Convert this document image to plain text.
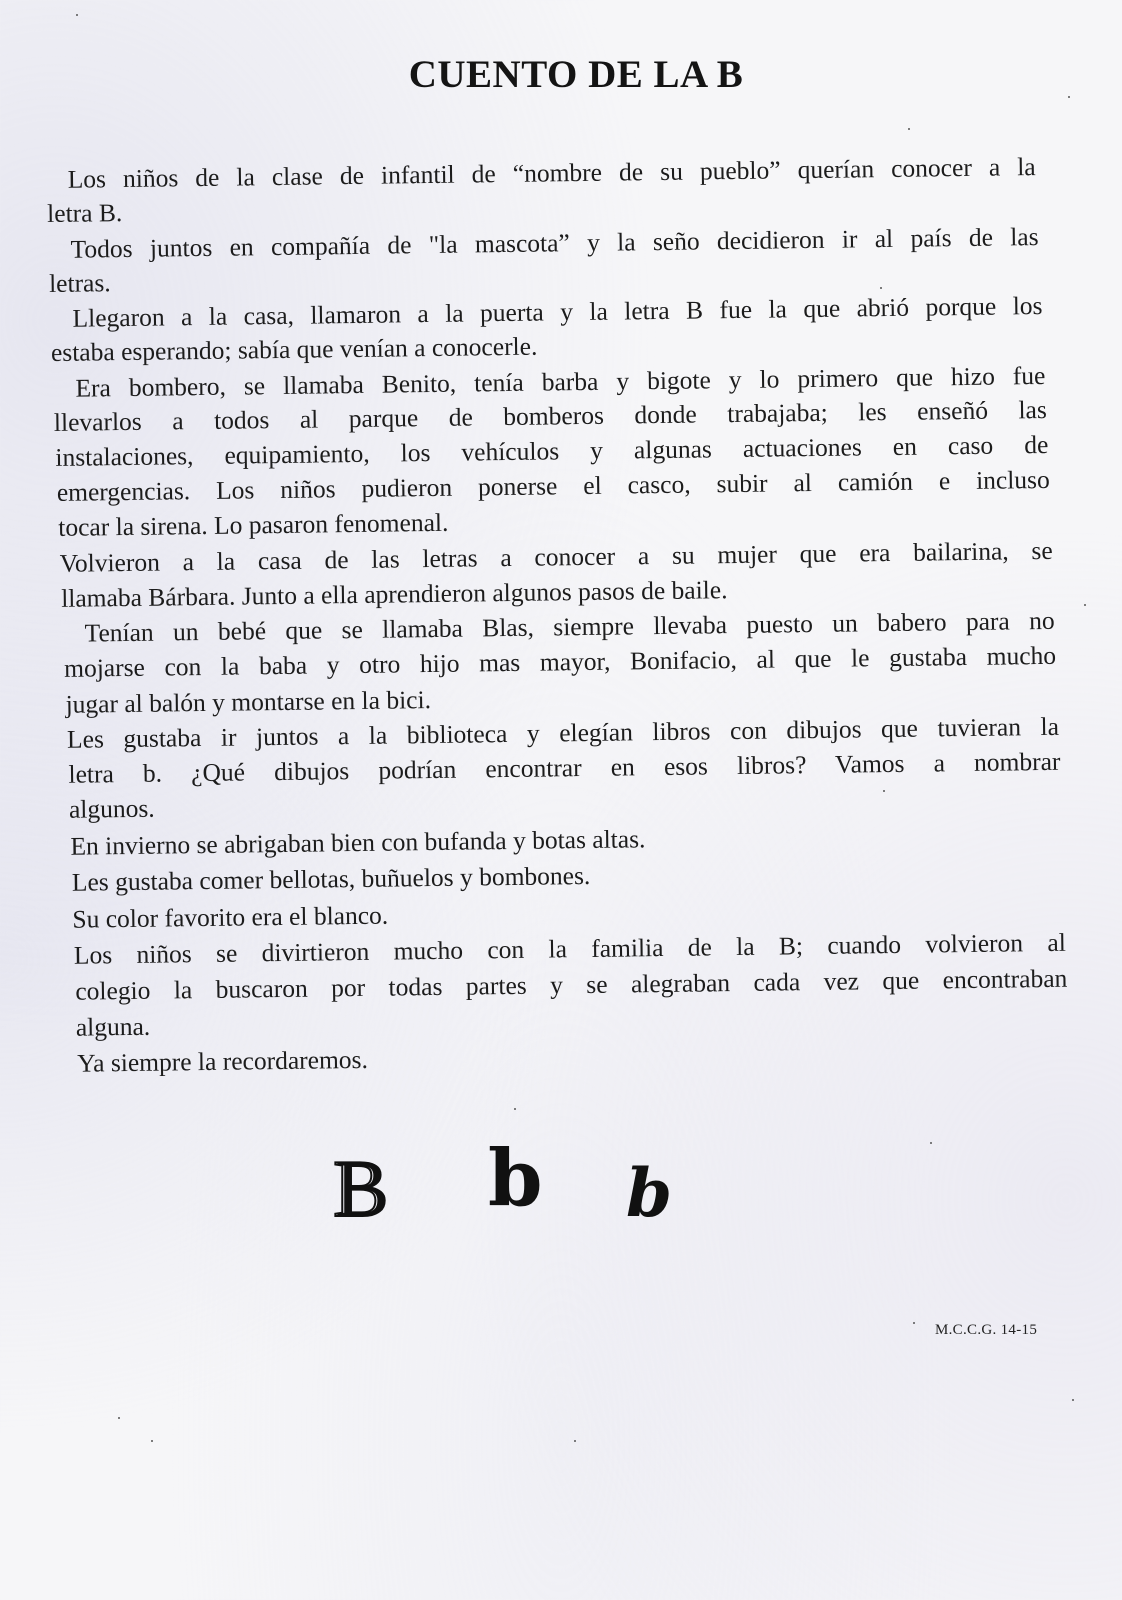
CUENTO DE LA B
Los niños de la clase de infantil de “nombre de su pueblo” querían conocer a la
letra B.
Todos juntos en compañía de "la mascota” y la seño decidieron ir al país de las
letras.
Llegaron a la casa, llamaron a la puerta y la letra B fue la que abrió porque los
estaba esperando; sabía que venían a conocerle.
Era bombero, se llamaba Benito, tenía barba y bigote y lo primero que hizo fue
llevarlos a todos al parque de bomberos donde trabajaba; les enseñó las
instalaciones, equipamiento, los vehículos y algunas actuaciones en caso de
emergencias. Los niños pudieron ponerse el casco, subir al camión e incluso
tocar la sirena. Lo pasaron fenomenal.
Volvieron a la casa de las letras a conocer a su mujer que era bailarina, se
llamaba Bárbara. Junto a ella aprendieron algunos pasos de baile.
Tenían un bebé que se llamaba Blas, siempre llevaba puesto un babero para no
mojarse con la baba y otro hijo mas mayor, Bonifacio, al que le gustaba mucho
jugar al balón y montarse en la bici.
Les gustaba ir juntos a la biblioteca y elegían libros con dibujos que tuvieran la
letra b. ¿Qué dibujos podrían encontrar en esos libros? Vamos a nombrar
algunos.
En invierno se abrigaban bien con bufanda y botas altas.
Les gustaba comer bellotas, buñuelos y bombones.
Su color favorito era el blanco.
Los niños se divirtieron mucho con la familia de la B; cuando volvieron al
colegio la buscaron por todas partes y se alegraban cada vez que encontraban
alguna.
Ya siempre la recordaremos.
B b b
M.C.C.G. 14-15
